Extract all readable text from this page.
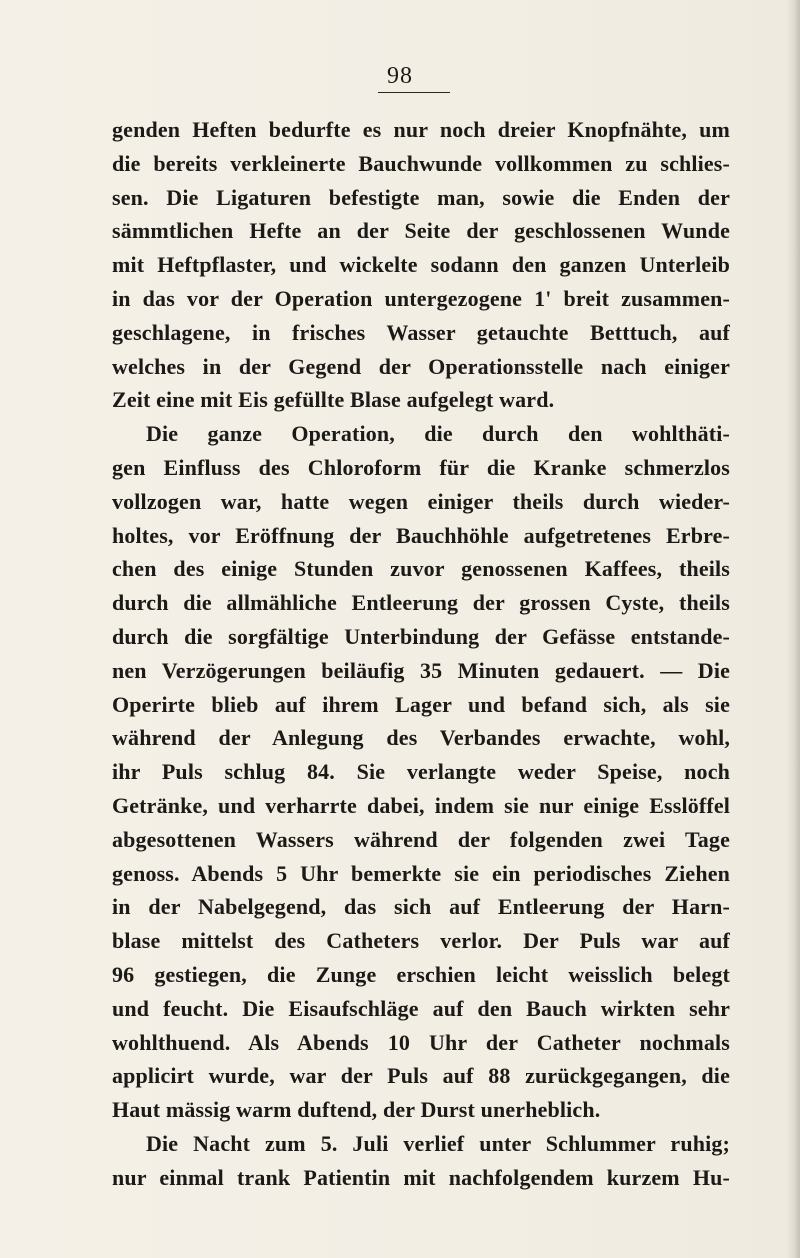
98
genden Heften bedurfte es nur noch dreier Knopfnähte, um
die bereits verkleinerte Bauchwunde vollkommen zu schlies-
sen. Die Ligaturen befestigte man, sowie die Enden der
sämmtlichen Hefte an der Seite der geschlossenen Wunde
mit Heftpflaster, und wickelte sodann den ganzen Unterleib
in das vor der Operation untergezogene 1' breit zusammen-
geschlagene, in frisches Wasser getauchte Betttuch, auf
welches in der Gegend der Operationsstelle nach einiger
Zeit eine mit Eis gefüllte Blase aufgelegt ward.
Die ganze Operation, die durch den wohlthäti-
gen Einfluss des Chloroform für die Kranke schmerzlos
vollzogen war, hatte wegen einiger theils durch wieder-
holtes, vor Eröffnung der Bauchhöhle aufgetretenes Erbre-
chen des einige Stunden zuvor genossenen Kaffees, theils
durch die allmähliche Entleerung der grossen Cyste, theils
durch die sorgfältige Unterbindung der Gefässe entstande-
nen Verzögerungen beiläufig 35 Minuten gedauert. — Die
Operirte blieb auf ihrem Lager und befand sich, als sie
während der Anlegung des Verbandes erwachte, wohl,
ihr Puls schlug 84. Sie verlangte weder Speise, noch
Getränke, und verharrte dabei, indem sie nur einige Esslöffel
abgesottenen Wassers während der folgenden zwei Tage
genoss. Abends 5 Uhr bemerkte sie ein periodisches Ziehen
in der Nabelgegend, das sich auf Entleerung der Harn-
blase mittelst des Catheters verlor. Der Puls war auf
96 gestiegen, die Zunge erschien leicht weisslich belegt
und feucht. Die Eisaufschläge auf den Bauch wirkten sehr
wohlthuend. Als Abends 10 Uhr der Catheter nochmals
applicirt wurde, war der Puls auf 88 zurückgegangen, die
Haut mässig warm duftend, der Durst unerheblich.
Die Nacht zum 5. Juli verlief unter Schlummer ruhig;
nur einmal trank Patientin mit nachfolgendem kurzem Hu-
